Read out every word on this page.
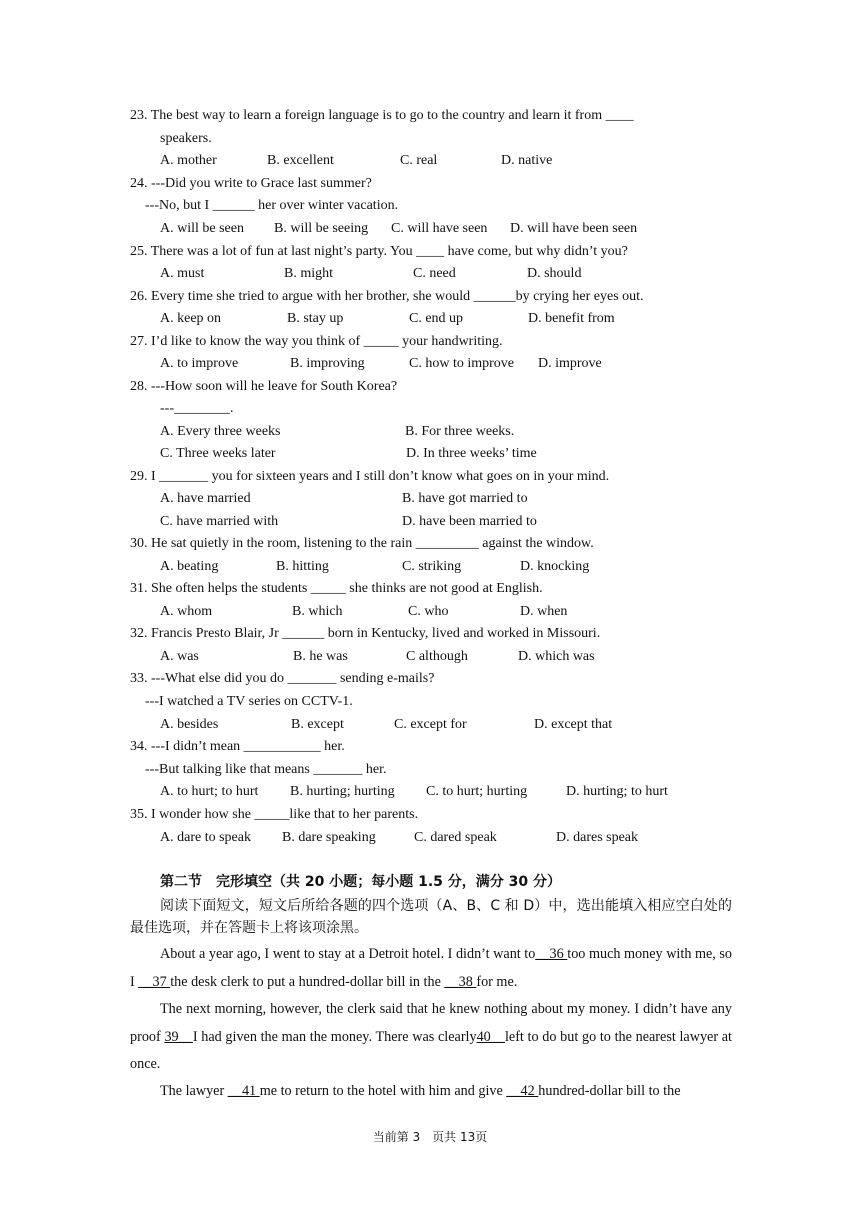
23. The best way to learn a foreign language is to go to the country and learn it from ____
speakers.
A. mother	B. excellent	C. real	D. native
24. ---Did you write to Grace last summer?
---No, but I ______ her over winter vacation.
A. will be seen B. will be seeing C. will have seen D. will have been seen
25. There was a lot of fun at last night’s party. You ____ have come, but why didn’t you?
A. must	B. might	C. need	D. should
26. Every time she tried to argue with her brother, she would ______by crying her eyes out.
A. keep on	B. stay up	C. end up	D. benefit from
27. I’d like to know the way you think of _____ your handwriting.
A. to improve	B. improving	C. how to improve D. improve
28. ---How soon will he leave for South Korea?
---________.
A. Every three weeks	B. For three weeks.
C. Three weeks later	D. In three weeks’ time
29. I _______ you for sixteen years and I still don’t know what goes on in your mind.
A. have married	B. have got married to
C. have married with	D. have been married to
30. He sat quietly in the room, listening to the rain _________ against the window.
A. beating	B. hitting	C. striking	D. knocking
31. She often helps the students _____ she thinks are not good at English.
A. whom	B. which	C. who	D. when
32. Francis Presto Blair, Jr ______ born in Kentucky, lived and worked in Missouri.
A. was	B. he was	C although	D. which was
33. ---What else did you do _______ sending e-mails?
---I watched a TV series on CCTV-1.
A. besides	B. except	C. except for	D. except that
34. ---I didn’t mean ___________ her.
---But talking like that means _______ her.
A. to hurt; to hurt B. hurting; hurting C. to hurt; hurting	D. hurting; to hurt
35. I wonder how she _____like that to her parents.
A. dare to speak B. dare speaking	C. dared speak	D. dares speak
第二节　完形填空（共 20 小题；每小题 1.5 分，满分 30 分）
阅读下面短文，短文后所给各题的四个选项（A、B、C 和 D）中，选出能填入相应空白处的最佳选项，并在答题卡上将该项涂黑。
About a year ago, I went to stay at a Detroit hotel. I didn’t want to__36 too much money with me, so I __37 the desk clerk to put a hundred-dollar bill in the __38 for me.
The next morning, however, the clerk said that he knew nothing about my money. I didn’t have any proof 39__I had given the man the money. There was clearly40__left to do but go to the nearest lawyer at once.
The lawyer __41 me to return to the hotel with him and give __42 hundred-dollar bill to the
当前第 3　页共 13页
